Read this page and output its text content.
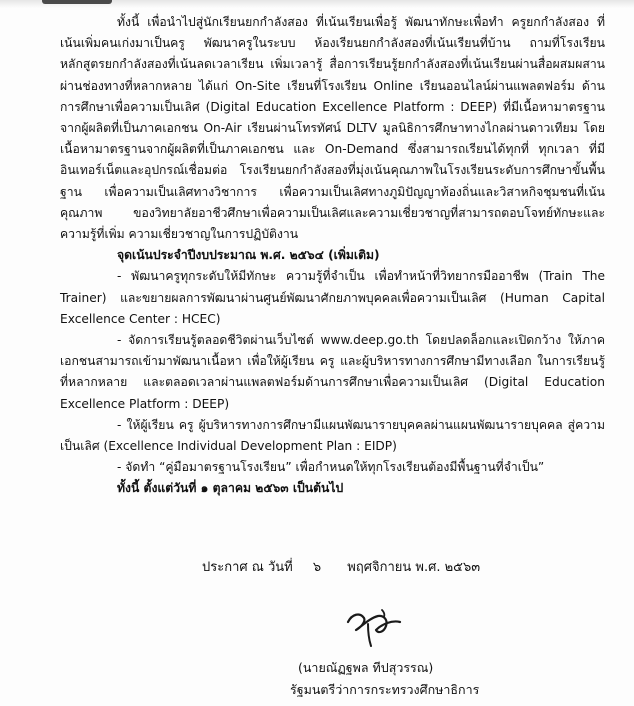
ทั้งนี้ เพื่อนำไปสู่นักเรียนยกกำลังสอง ที่เน้นเรียนเพื่อรู้ พัฒนาทักษะเพื่อทำ ครูยกกำลังสอง ที่เน้นเพิ่มคนเก่งมาเป็นครู พัฒนาครูในระบบ ห้องเรียนยกกำลังสองที่เน้นเรียนที่บ้าน ถามที่โรงเรียน หลักสูตรยกกำลังสองที่เน้นลดเวลาเรียน เพิ่มเวลารู้ สื่อการเรียนรู้ยกกำลังสองที่เน้นเรียนผ่านสื่อผสมผสาน ผ่านช่องทางที่หลากหลาย ได้แก่ On-Site เรียนที่โรงเรียน Online เรียนออนไลน์ผ่านแพลตฟอร์ม ด้านการศึกษาเพื่อความเป็นเลิศ (Digital Education Excellence Platform : DEEP) ที่มีเนื้อหามาตรฐาน จากผู้ผลิตที่เป็นภาคเอกชน On-Air เรียนผ่านโทรทัศน์ DLTV มูลนิธิการศึกษาทางไกลผ่านดาวเทียม โดยเนื้อหามาตรฐานจากผู้ผลิตที่เป็นภาคเอกชน และ On-Demand ซึ่งสามารถเรียนได้ทุกที่ ทุกเวลา ที่มีอินเทอร์เน็ตและอุปกรณ์เชื่อมต่อ โรงเรียนยกกำลังสองที่มุ่งเน้นคุณภาพในโรงเรียนระดับการศึกษาขั้นพื้นฐาน เพื่อความเป็นเลิศทางวิชาการ เพื่อความเป็นเลิศทางภูมิปัญญาท้องถิ่นและวิสาหกิจชุมชนที่เน้นคุณภาพ ของวิทยาลัยอาชีวศึกษาเพื่อความเป็นเลิศและความเชี่ยวชาญที่สามารถตอบโจทย์ทักษะและความรู้ที่เพิ่ม ความเชี่ยวชาญในการปฏิบัติงาน

จุดเน้นประจำปีงบประมาณ พ.ศ. ๒๕๖๔ (เพิ่มเติม)

- พัฒนาครูทุกระดับให้มีทักษะ ความรู้ที่จำเป็น เพื่อทำหน้าที่วิทยากรมืออาชีพ (Train The Trainer) และขยายผลการพัฒนาผ่านศูนย์พัฒนาศักยภาพบุคคลเพื่อความเป็นเลิศ (Human Capital Excellence Center : HCEC)

- จัดการเรียนรู้ตลอดชีวิตผ่านเว็บไซต์ www.deep.go.th โดยปลดล็อกและเปิดกว้าง ให้ภาคเอกชนสามารถเข้ามาพัฒนาเนื้อหา เพื่อให้ผู้เรียน ครู และผู้บริหารทางการศึกษามีทางเลือก ในการเรียนรู้ที่หลากหลาย และตลอดเวลาผ่านแพลตฟอร์มด้านการศึกษาเพื่อความเป็นเลิศ (Digital Education Excellence Platform : DEEP)

- ให้ผู้เรียน ครู ผู้บริหารทางการศึกษามีแผนพัฒนารายบุคคลผ่านแผนพัฒนารายบุคคล สู่ความเป็นเลิศ (Excellence Individual Development Plan : EIDP)

- จัดทำ “คู่มือมาตรฐานโรงเรียน” เพื่อกำหนดให้ทุกโรงเรียนต้องมีพื้นฐานที่จำเป็น”

ทั้งนี้ ตั้งแต่วันที่ ๑ ตุลาคม ๒๕๖๓ เป็นต้นไป

ประกาศ ณ วันที่ ๖ พฤศจิกายน พ.ศ. ๒๕๖๓
(นายณัฏฐพล ทีปสุวรรณ)
รัฐมนตรีว่าการกระทรวงศึกษาธิการ
